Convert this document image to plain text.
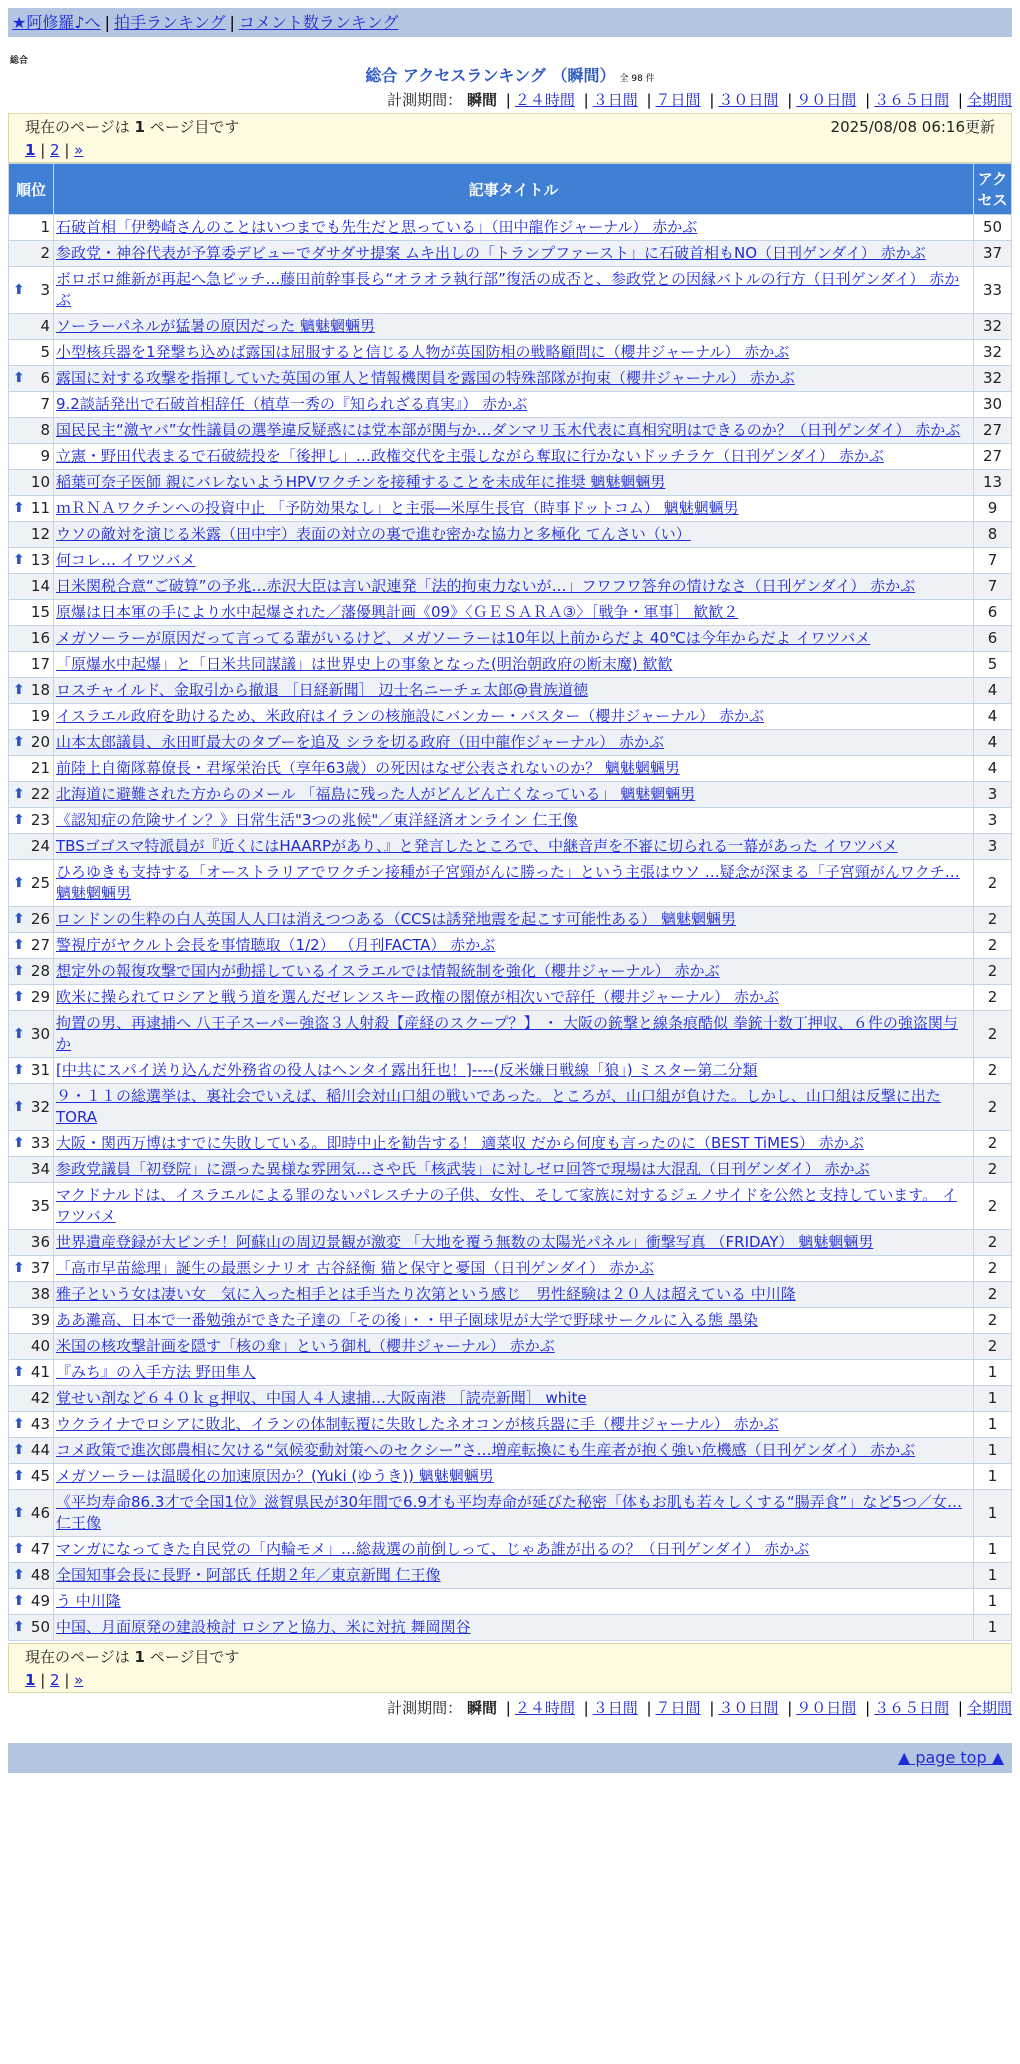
★阿修羅♪へ | 拍手ランキング | コメント数ランキング
総合
総合 アクセスランキング （瞬間） 全 98 件
計測期間： 瞬間 | ２４時間 | ３日間 | ７日間 | ３０日間 | ９０日間 | ３６５日間 | 全期間
現在のページは 1 ページ目です	2025/08/08 06:16更新
1 | 2 | »
順位	記事タイトル	アクセス
1	石破首相「伊勢崎さんのことはいつまでも先生だと思っている」（田中龍作ジャーナル） 赤かぶ	50
2	参政党・神谷代表が予算委デビューでダサダサ提案 ムキ出しの「トランプファースト」に石破首相もNO（日刊ゲンダイ） 赤かぶ	37

⬆ 3	ボロボロ維新が再起へ急ピッチ…藤田前幹事長ら“オラオラ執行部”復活の成否と、参政党との因縁バトルの行方（日刊ゲンダイ） 赤かぶ	33
4	ソーラーパネルが猛暑の原因だった 魑魅魍魎男	32
5	小型核兵器を1発撃ち込めば露国は屈服すると信じる人物が英国防相の戦略顧問に（櫻井ジャーナル） 赤かぶ	32

⬆ 6	露国に対する攻撃を指揮していた英国の軍人と情報機関員を露国の特殊部隊が拘束（櫻井ジャーナル） 赤かぶ	32
7	9.2談話発出で石破首相辞任（植草一秀の『知られざる真実』） 赤かぶ	30
8	国民民主“激ヤバ”女性議員の選挙違反疑惑には党本部が関与か…ダンマリ玉木代表に真相究明はできるのか？（日刊ゲンダイ） 赤かぶ	27
9	立憲・野田代表まるで石破続投を「後押し」…政権交代を主張しながら奪取に行かないドッチラケ（日刊ゲンダイ） 赤かぶ	27
10	稲葉可奈子医師 親にバレないようHPVワクチンを接種することを未成年に推奨 魑魅魍魎男	13

⬆ 11	ｍＲＮＡワクチンへの投資中止 「予防効果なし」と主張―米厚生長官（時事ドットコム） 魑魅魍魎男	9
12	ウソの敵対を演じる米露（田中宇）表面の対立の裏で進む密かな協力と多極化 てんさい（い）	8

⬆ 13	何コレ… イワツバメ	7
14	日米関税合意“ご破算”の予兆…赤沢大臣は言い訳連発「法的拘束力ないが…」フワフワ答弁の情けなさ（日刊ゲンダイ） 赤かぶ	7
15	原爆は日本軍の手により水中起爆された／藩優興計画《09》〈ＧＥＳＡＲＡ③〉［戦争・軍事］ 歓歓２	6
16	メガソーラーが原因だって言ってる輩がいるけど、メガソーラーは10年以上前からだよ 40℃は今年からだよ イワツバメ	6
17	「原爆水中起爆」と「日米共同謀議」は世界史上の事象となった(明治朝政府の断末魔) 歓歓	5

⬆ 18	ロスチャイルド、金取引から撤退 ［日経新聞］ 辺士名ニーチェ太郎@貴族道徳	4
19	イスラエル政府を助けるため、米政府はイランの核施設にバンカー・バスター（櫻井ジャーナル） 赤かぶ	4

⬆ 20	山本太郎議員、永田町最大のタブーを追及 シラを切る政府（田中龍作ジャーナル） 赤かぶ	4
21	前陸上自衛隊幕僚長・君塚栄治氏（享年63歳）の死因はなぜ公表されないのか？ 魑魅魍魎男	4

⬆ 22	北海道に避難された方からのメール 「福島に残った人がどんどん亡くなっている」 魑魅魍魎男	3

⬆ 23	《認知症の危険サイン？》日常生活"3つの兆候"／東洋経済オンライン 仁王像	3
24	TBSゴゴスマ特派員が『近くにはHAARPがあり、』と発言したところで、中継音声を不審に切られる一幕があった イワツバメ	3

⬆ 25	ひろゆきも支持する「オーストラリアでワクチン接種が子宮頸がんに勝った」という主張はウソ …疑念が深まる「子宮頸がんワクチ… 魑魅魍魎男	2

⬆ 26	ロンドンの生粋の白人英国人人口は消えつつある（CCSは誘発地震を起こす可能性ある） 魑魅魍魎男	2

⬆ 27	警視庁がヤクルト会長を事情聴取（1/2） （月刊FACTA） 赤かぶ	2

⬆ 28	想定外の報復攻撃で国内が動揺しているイスラエルでは情報統制を強化（櫻井ジャーナル） 赤かぶ	2

⬆ 29	欧米に操られてロシアと戦う道を選んだゼレンスキー政権の閣僚が相次いで辞任（櫻井ジャーナル） 赤かぶ	2

⬆ 30	拘置の男、再逮捕へ 八王子スーパー強盗３人射殺【産経のスクープ？】 ・ 大阪の銃撃と線条痕酷似 拳銃十数丁押収、６件の強盗関与か	2

⬆ 31	[中共にスパイ送り込んだ外務省の役人はヘンタイ露出狂也！]----(反米嫌日戦線「狼」) ミスター第二分類	2

⬆ 32	９・１１の総選挙は、裏社会でいえば、稲川会対山口組の戦いであった。ところが、山口組が負けた。しかし、山口組は反撃に出た TORA	2

⬆ 33	大阪・関西万博はすでに失敗している。即時中止を勧告する！ 適菜収 だから何度も言ったのに（BEST TiMES） 赤かぶ	2
34	参政党議員「初登院」に漂った異様な雰囲気…さや氏「核武装」に対しゼロ回答で現場は大混乱（日刊ゲンダイ） 赤かぶ	2
35	マクドナルドは、イスラエルによる罪のないパレスチナの子供、女性、そして家族に対するジェノサイドを公然と支持しています。 イワツバメ	2
36	世界遺産登録が大ピンチ！阿蘇山の周辺景観が激変 「大地を覆う無数の太陽光パネル」衝撃写真 （FRIDAY） 魑魅魍魎男	2

⬆ 37	「高市早苗総理」誕生の最悪シナリオ 古谷経衡 猫と保守と憂国（日刊ゲンダイ） 赤かぶ	2
38	雅子という女は凄い女＿気に入った相手とは手当たり次第という感じ＿男性経験は２０人は超えている 中川隆	2
39	ああ灘高、日本で一番勉強ができた子達の「その後」・・甲子園球児が大学で野球サークルに入る態 墨染	2
40	米国の核攻撃計画を隠す「核の傘」という御札（櫻井ジャーナル） 赤かぶ	2

⬆ 41	『みち』の入手方法 野田隼人	1
42	覚せい剤など６４０ｋｇ押収、中国人４人逮捕…大阪南港 ［読売新聞］ white	1

⬆ 43	ウクライナでロシアに敗北、イランの体制転覆に失敗したネオコンが核兵器に手（櫻井ジャーナル） 赤かぶ	1

⬆ 44	コメ政策で進次郎農相に欠ける“気候変動対策へのセクシー”さ…増産転換にも生産者が抱く強い危機感（日刊ゲンダイ） 赤かぶ	1

⬆ 45	メガソーラーは温暖化の加速原因か？(Yuki (ゆうき)) 魑魅魍魎男	1

⬆ 46	《平均寿命86.3才で全国1位》滋賀県民が30年間で6.9才も平均寿命が延びた秘密「体もお肌も若々しくする“腸弄食”」など5つ／女… 仁王像	1

⬆ 47	マンガになってきた自民党の「内輪モメ」…総裁選の前倒しって、じゃあ誰が出るの？（日刊ゲンダイ） 赤かぶ	1

⬆ 48	全国知事会長に長野・阿部氏 任期２年／東京新聞 仁王像	1

⬆ 49	う 中川隆	1

⬆ 50	中国、月面原発の建設検討 ロシアと協力、米に対抗 舞岡関谷	1
現在のページは 1 ページ目です
1 | 2 | »
計測期間： 瞬間 | ２４時間 | ３日間 | ７日間 | ３０日間 | ９０日間 | ３６５日間 | 全期間
▲ page top ▲
